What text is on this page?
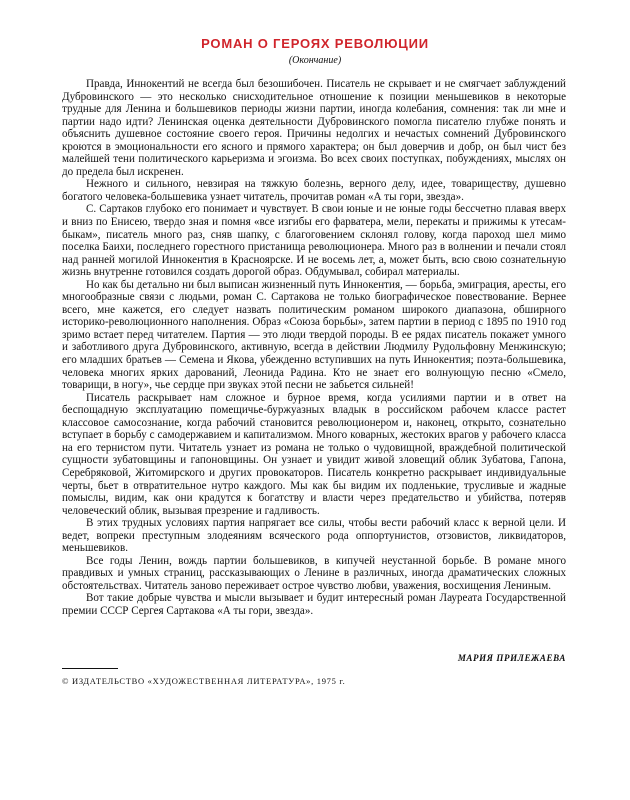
РОМАН О ГЕРОЯХ РЕВОЛЮЦИИ
(Окончание)

Правда, Иннокентий не всегда был безошибочен. Писатель не скрывает и не смягчает заблуждений Дубровинского — это несколько снисходительное отношение к позиции меньшевиков в некоторые трудные для Ленина и большевиков периоды жизни партии, иногда колебания, сомнения: так ли мне и партии надо идти? Ленинская оценка деятельности Дубровинского помогла писателю глубже понять и объяснить душевное состояние своего героя. Причины недолгих и нечастых сомнений Дубровинского кроются в эмоциональности его ясного и прямого характера; он был доверчив и добр, он был чист без малейшей тени политического карьеризма и эгоизма. Во всех своих поступках, побуждениях, мыслях он до предела был искренен.

Нежного и сильного, невзирая на тяжкую болезнь, верного делу, идее, товариществу, душевно богатого человека-большевика узнает читатель, прочитав роман «А ты гори, звезда».

С. Сартаков глубоко его понимает и чувствует. В свои юные и не юные годы бессчетно плавая вверх и вниз по Енисею, твердо зная и помня «все изгибы его фарватера, мели, перекаты и прижимы к утесам-быкам», писатель много раз, сняв шапку, с благоговением склонял голову, когда пароход шел мимо поселка Баихи, последнего горестного пристанища революционера. Много раз в волнении и печали стоял над ранней могилой Иннокентия в Красноярске. И не восемь лет, а, может быть, всю свою сознательную жизнь внутренне готовился создать дорогой образ. Обдумывал, собирал материалы.

Но как бы детально ни был выписан жизненный путь Иннокентия, — борьба, эмиграция, аресты, его многообразные связи с людьми, роман С. Сартакова не только биографическое повествование. Вернее всего, мне кажется, его следует назвать политическим романом широкого диапазона, обширного историко-революционного наполнения. Образ «Союза борьбы», затем партии в период с 1895 по 1910 год зримо встает перед читателем. Партия — это люди твердой породы. В ее рядах писатель покажет умного и заботливого друга Дубровинского, активную, всегда в действии Людмилу Рудольфовну Менжинскую; его младших братьев — Семена и Якова, убежденно вступивших на путь Иннокентия; поэта-большевика, человека многих ярких дарований, Леонида Радина. Кто не знает его волнующую песню «Смело, товарищи, в ногу», чье сердце при звуках этой песни не забьется сильней!

Писатель раскрывает нам сложное и бурное время, когда усилиями партии и в ответ на беспощадную эксплуатацию помещичье-буржуазных владык в российском рабочем классе растет классовое самосознание, когда рабочий становится революционером и, наконец, открыто, сознательно вступает в борьбу с самодержавием и капитализмом. Много коварных, жестоких врагов у рабочего класса на его тернистом пути. Читатель узнает из романа не только о чудовищной, враждебной политической сущности зубатовщины и гапоновщины. Он узнает и увидит живой зловещий облик Зубатова, Гапона, Серебряковой, Житомирского и других провокаторов. Писатель конкретно раскрывает индивидуальные черты, бьет в отвратительное нутро каждого. Мы как бы видим их подленькие, трусливые и жадные помыслы, видим, как они крадутся к богатству и власти через предательство и убийства, потеряв человеческий облик, вызывая презрение и гадливость.

В этих трудных условиях партия напрягает все силы, чтобы вести рабочий класс к верной цели. И ведет, вопреки преступным злодеяниям всяческого рода оппортунистов, отзовистов, ликвидаторов, меньшевиков.

Все годы Ленин, вождь партии большевиков, в кипучей неустанной борьбе. В романе много правдивых и умных страниц, рассказывающих о Ленине в различных, иногда драматических сложных обстоятельствах. Читатель заново переживает острое чувство любви, уважения, восхищения Лениным.

Вот такие добрые чувства и мысли вызывает и будит интересный роман Лауреата Государственной премии СССР Сергея Сартакова «А ты гори, звезда».

МАРИЯ ПРИЛЕЖАЕВА
© ИЗДАТЕЛЬСТВО «ХУДОЖЕСТВЕННАЯ ЛИТЕРАТУРА», 1975 г.
